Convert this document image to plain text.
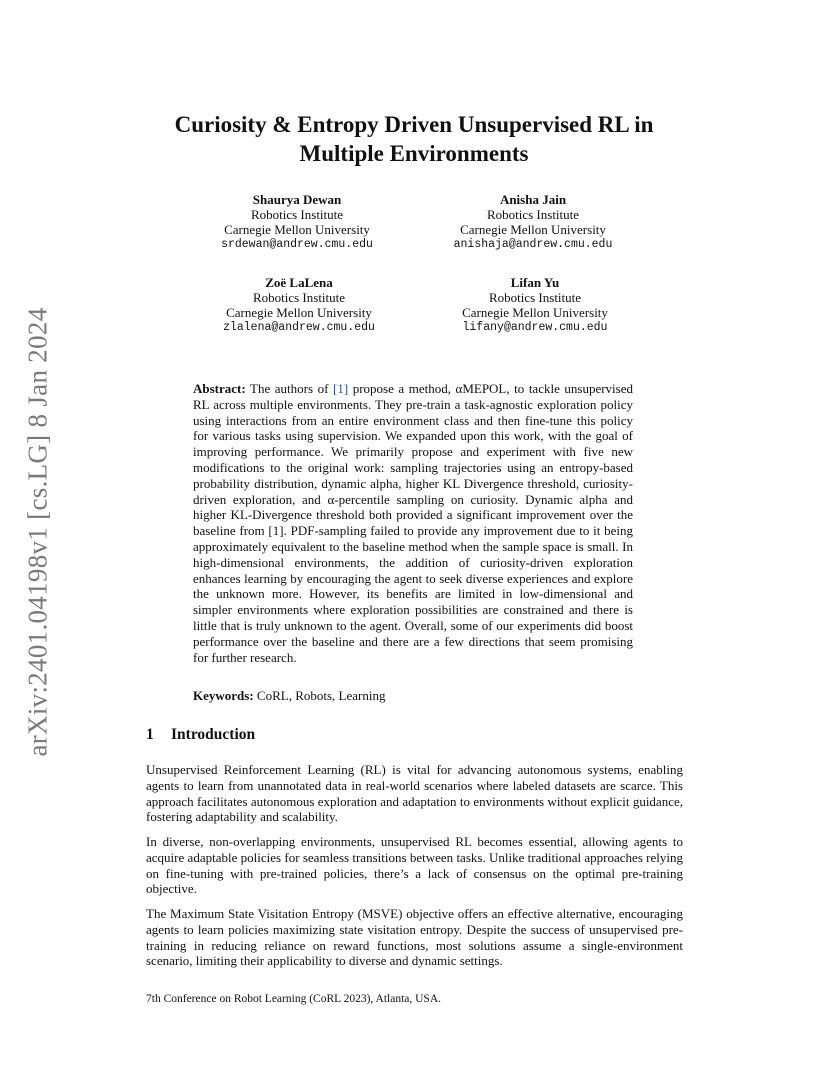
arXiv:2401.04198v1 [cs.LG] 8 Jan 2024
Curiosity & Entropy Driven Unsupervised RL in
Multiple Environments
Shaurya Dewan
Robotics Institute
Carnegie Mellon University
srdewan@andrew.cmu.edu
Anisha Jain
Robotics Institute
Carnegie Mellon University
anishaja@andrew.cmu.edu
Zoë LaLena
Robotics Institute
Carnegie Mellon University
zlalena@andrew.cmu.edu
Lifan Yu
Robotics Institute
Carnegie Mellon University
lifany@andrew.cmu.edu

Abstract: The authors of [1] propose a method, αMEPOL, to tackle unsupervised RL across multiple environments. They pre-train a task-agnostic exploration policy using interactions from an entire environment class and then fine-tune this policy for various tasks using supervision. We expanded upon this work, with the goal of improving performance. We primarily propose and experiment with five new modifications to the original work: sampling trajectories using an entropy-based probability distribution, dynamic alpha, higher KL Divergence threshold, curiosity-driven exploration, and α-percentile sampling on curiosity. Dynamic alpha and higher KL-Divergence threshold both provided a significant improvement over the baseline from [1]. PDF-sampling failed to provide any improvement due to it being approximately equivalent to the baseline method when the sample space is small. In high-dimensional environments, the addition of curiosity-driven exploration enhances learning by encouraging the agent to seek diverse experiences and explore the unknown more. However, its benefits are limited in low-dimensional and simpler environments where exploration possibilities are constrained and there is little that is truly unknown to the agent. Overall, some of our experiments did boost performance over the baseline and there are a few directions that seem promising for further research.

Keywords: CoRL, Robots, Learning

1 Introduction

Unsupervised Reinforcement Learning (RL) is vital for advancing autonomous systems, enabling agents to learn from unannotated data in real-world scenarios where labeled datasets are scarce. This approach facilitates autonomous exploration and adaptation to environments without explicit guidance, fostering adaptability and scalability.

In diverse, non-overlapping environments, unsupervised RL becomes essential, allowing agents to acquire adaptable policies for seamless transitions between tasks. Unlike traditional approaches relying on fine-tuning with pre-trained policies, there’s a lack of consensus on the optimal pre-training objective.

The Maximum State Visitation Entropy (MSVE) objective offers an effective alternative, encouraging agents to learn policies maximizing state visitation entropy. Despite the success of unsupervised pre-training in reducing reliance on reward functions, most solutions assume a single-environment scenario, limiting their applicability to diverse and dynamic settings.

7th Conference on Robot Learning (CoRL 2023), Atlanta, USA.
